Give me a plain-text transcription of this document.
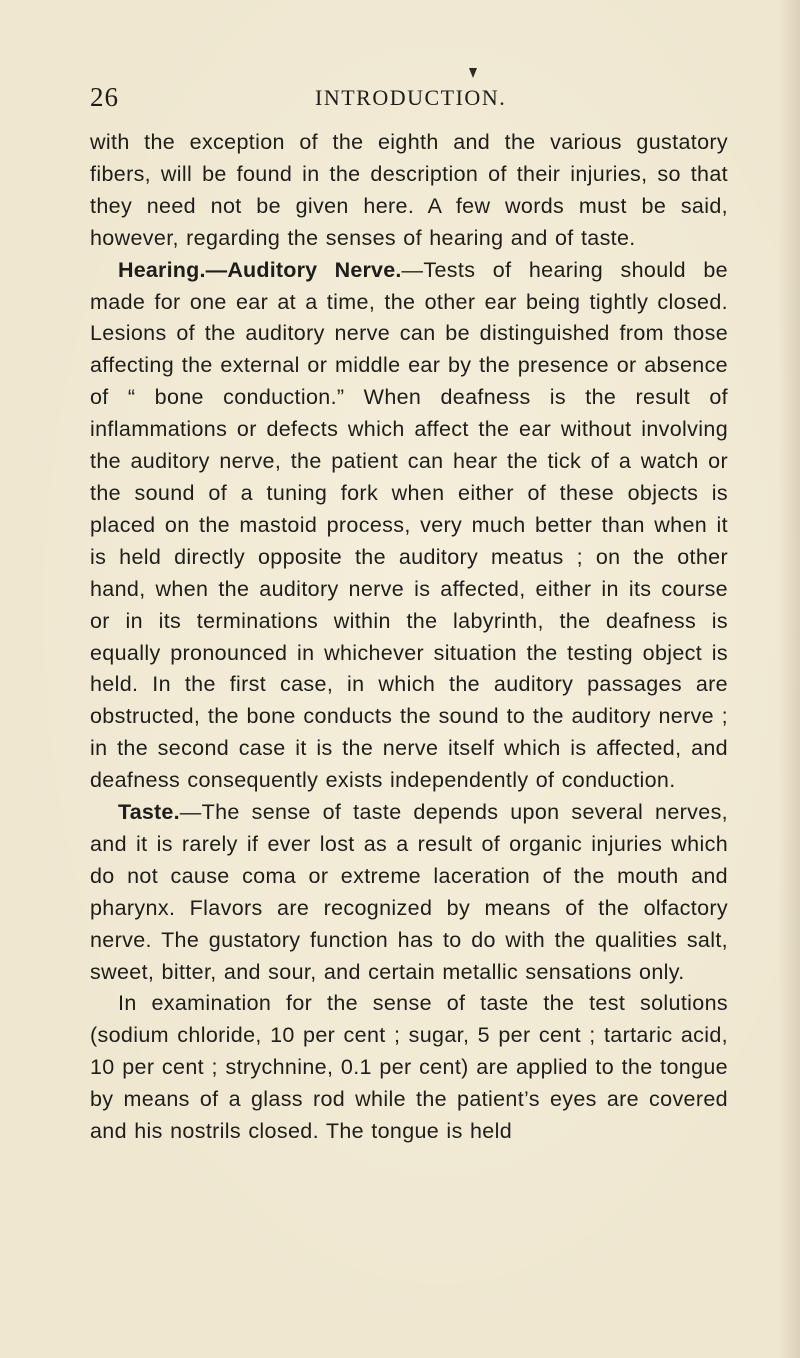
26	INTRODUCTION.

with the exception of the eighth and the various gustatory fibers, will be found in the description of their injuries, so that they need not be given here. A few words must be said, however, regarding the senses of hearing and of taste.

Hearing.—Auditory Nerve.—Tests of hearing should be made for one ear at a time, the other ear being tightly closed. Lesions of the auditory nerve can be distinguished from those affecting the external or middle ear by the presence or absence of “ bone conduction.” When deafness is the result of inflammations or defects which affect the ear without involving the auditory nerve, the patient can hear the tick of a watch or the sound of a tuning fork when either of these objects is placed on the mastoid process, very much better than when it is held directly opposite the auditory meatus ; on the other hand, when the auditory nerve is affected, either in its course or in its terminations within the labyrinth, the deafness is equally pronounced in whichever situation the testing object is held. In the first case, in which the auditory passages are obstructed, the bone conducts the sound to the auditory nerve ; in the second case it is the nerve itself which is affected, and deafness consequently exists independently of conduction.

Taste.—The sense of taste depends upon several nerves, and it is rarely if ever lost as a result of organic injuries which do not cause coma or extreme laceration of the mouth and pharynx. Flavors are recognized by means of the olfactory nerve. The gustatory function has to do with the qualities salt, sweet, bitter, and sour, and certain metallic sensations only.

In examination for the sense of taste the test solutions (sodium chloride, 10 per cent ; sugar, 5 per cent ; tartaric acid, 10 per cent ; strychnine, 0.1 per cent) are applied to the tongue by means of a glass rod while the patient’s eyes are covered and his nostrils closed. The tongue is held
